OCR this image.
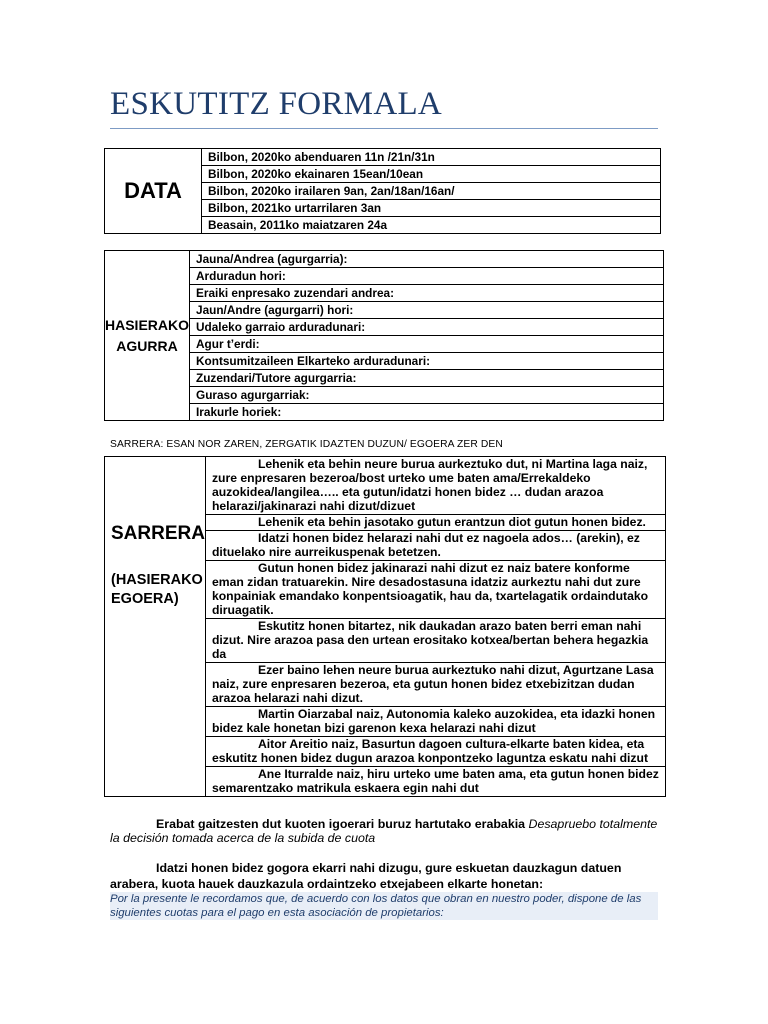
ESKUTITZ FORMALA
DATA	Bilbon, 2020ko abenduaren 11n /21n/31n
Bilbon, 2020ko ekainaren 15ean/10ean
Bilbon, 2020ko irailaren 9an, 2an/18an/16an/
Bilbon, 2021ko urtarrilaren 3an
Beasain, 2011ko maiatzaren 24a
HASIERAKO
AGURRA	Jauna/Andrea (agurgarria):
Arduradun hori:
Eraiki enpresako zuzendari andrea:
Jaun/Andre (agurgarri) hori:
Udaleko garraio arduradunari:
Agur t’erdi:
Kontsumitzaileen Elkarteko arduradunari:
Zuzendari/Tutore agurgarria:
Guraso agurgarriak:
Irakurle horiek:
SARRERA: ESAN NOR ZAREN, ZERGATIK IDAZTEN DUZUN/ EGOERA ZER DEN
SARRERA
(HASIERAKO
EGOERA)
	Lehenik eta behin neure burua aurkeztuko dut, ni Martina laga naiz, zure enpresaren bezeroa/bost urteko ume baten ama/Errekaldeko auzokidea/langilea….. eta gutun/idatzi honen bidez … dudan arazoa helarazi/jakinarazi nahi dizut/dizuet
Lehenik eta behin jasotako gutun erantzun diot gutun honen bidez.
Idatzi honen bidez helarazi nahi dut ez nagoela ados… (arekin), ez dituelako nire aurreikuspenak betetzen.
Gutun honen bidez jakinarazi nahi dizut ez naiz batere konforme eman zidan tratuarekin. Nire desadostasuna idatziz aurkeztu nahi dut zure konpainiak emandako konpentsioagatik, hau da, txartelagatik ordaindutako diruagatik.
Eskutitz honen bitartez, nik daukadan arazo baten berri eman nahi dizut. Nire arazoa pasa den urtean erositako kotxea/bertan behera hegazkia da
Ezer baino lehen neure burua aurkeztuko nahi dizut, Agurtzane Lasa naiz, zure enpresaren bezeroa, eta gutun honen bidez etxebizitzan dudan arazoa helarazi nahi dizut.
Martin Oiarzabal naiz, Autonomia kaleko auzokidea, eta idazki honen bidez kale honetan bizi garenon kexa helarazi nahi dizut
Aitor Areitio naiz, Basurtun dagoen cultura-elkarte baten kidea, eta eskutitz honen bidez dugun arazoa konpontzeko laguntza eskatu nahi dizut
Ane Iturralde naiz, hiru urteko ume baten ama, eta gutun honen bidez semarentzako matrikula eskaera egin nahi dut
Erabat gaitzesten dut kuoten igoerari buruz hartutako erabakia Desapruebo totalmente la decisión tomada acerca de la subida de cuota
Idatzi honen bidez gogora ekarri nahi dizugu, gure eskuetan dauzkagun datuen arabera, kuota hauek dauzkazula ordaintzeko etxejabeen elkarte honetan:
Por la presente le recordamos que, de acuerdo con los datos que obran en nuestro poder, dispone de las siguientes cuotas para el pago en esta asociación de propietarios:
